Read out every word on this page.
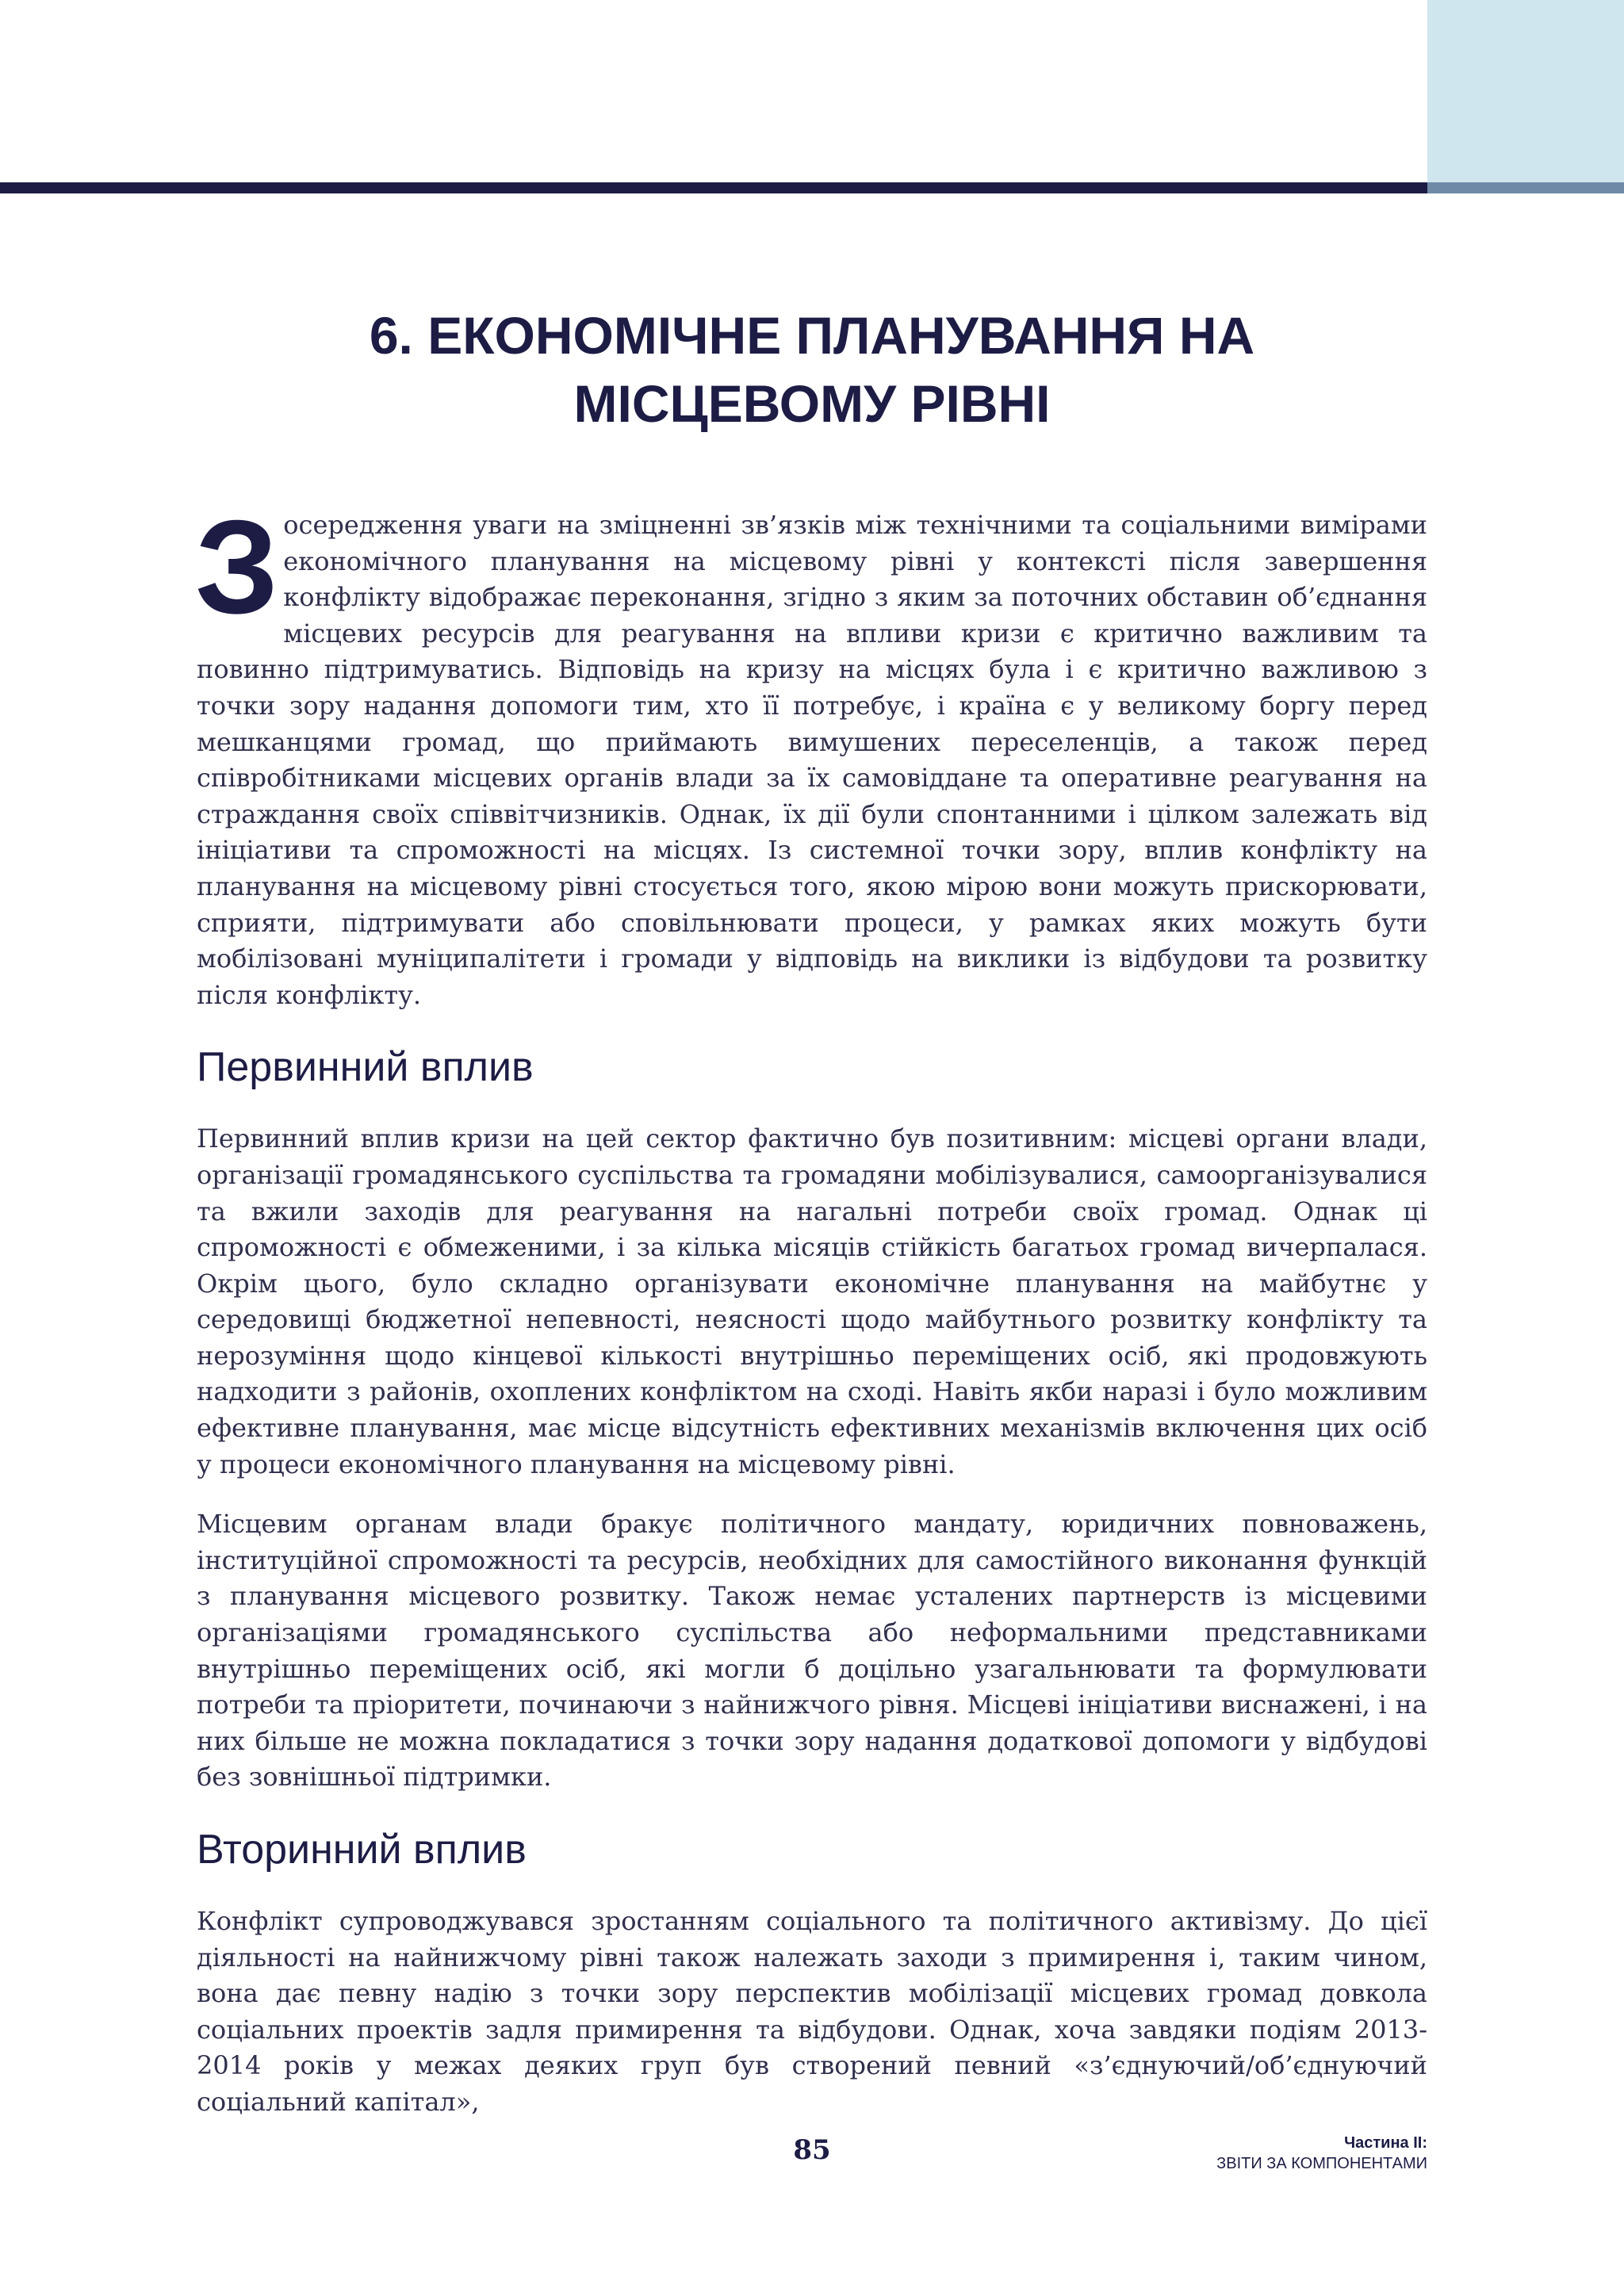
6. ЕКОНОМІЧНЕ ПЛАНУВАННЯ НА
МІСЦЕВОМУ РІВНІ

Зосередження уваги на зміцненні зв’язків між технічними та соціальними вимірами економічного планування на місцевому рівні у контексті після завершення конфлікту відображає переконання, згідно з яким за поточних обставин об’єднання місцевих ресурсів для реагування на впливи кризи є критично важливим та повинно підтримуватись. Відповідь на кризу на місцях була і є критично важливою з точки зору надання допомоги тим, хто її потребує, і країна є у великому боргу перед мешканцями громад, що приймають вимушених переселенців, а також перед співробітниками місцевих органів влади за їх самовіддане та оперативне реагування на страждання своїх співвітчизників. Однак, їх дії були спонтанними і цілком залежать від ініціативи та спроможності на місцях. Із системної точки зору, вплив конфлікту на планування на місцевому рівні стосується того, якою мірою вони можуть прискорювати, сприяти, підтримувати або сповільнювати процеси, у рамках яких можуть бути мобілізовані муніципалітети і громади у відповідь на виклики із відбудови та розвитку після конфлікту.

Первинний вплив

Первинний вплив кризи на цей сектор фактично був позитивним: місцеві органи влади, організації громадянського суспільства та громадяни мобілізувалися, самоорганізувалися та вжили заходів для реагування на нагальні потреби своїх громад. Однак ці спроможності є обмеженими, і за кілька місяців стійкість багатьох громад вичерпалася. Окрім цього, було складно організувати економічне планування на майбутнє у середовищі бюджетної непевності, неясності щодо майбутнього розвитку конфлікту та нерозуміння щодо кінцевої кількості внутрішньо переміщених осіб, які продовжують надходити з районів, охоплених конфліктом на сході. Навіть якби наразі і було можливим ефективне планування, має місце відсутність ефективних механізмів включення цих осіб у процеси економічного планування на місцевому рівні.

Місцевим органам влади бракує політичного мандату, юридичних повноважень, інституційної спроможності та ресурсів, необхідних для самостійного виконання функцій з планування місцевого розвитку. Також немає усталених партнерств із місцевими організаціями громадянського суспільства або неформальними представниками внутрішньо переміщених осіб, які могли б доцільно узагальнювати та формулювати потреби та пріоритети, починаючи з найнижчого рівня. Місцеві ініціативи виснажені, і на них більше не можна покладатися з точки зору надання додаткової допомоги у відбудові без зовнішньої підтримки.

Вторинний вплив

Конфлікт супроводжувався зростанням соціального та політичного активізму. До цієї діяльності на найнижчому рівні також належать заходи з примирення і, таким чином, вона дає певну надію з точки зору перспектив мобілізації місцевих громад довкола соціальних проектів задля примирення та відбудови. Однак, хоча завдяки подіям 2013-2014 років у межах деяких груп був створений певний «з’єднуючий/об’єднуючий соціальний капітал»,

85	Частина II:
ЗВІТИ ЗА КОМПОНЕНТАМИ
